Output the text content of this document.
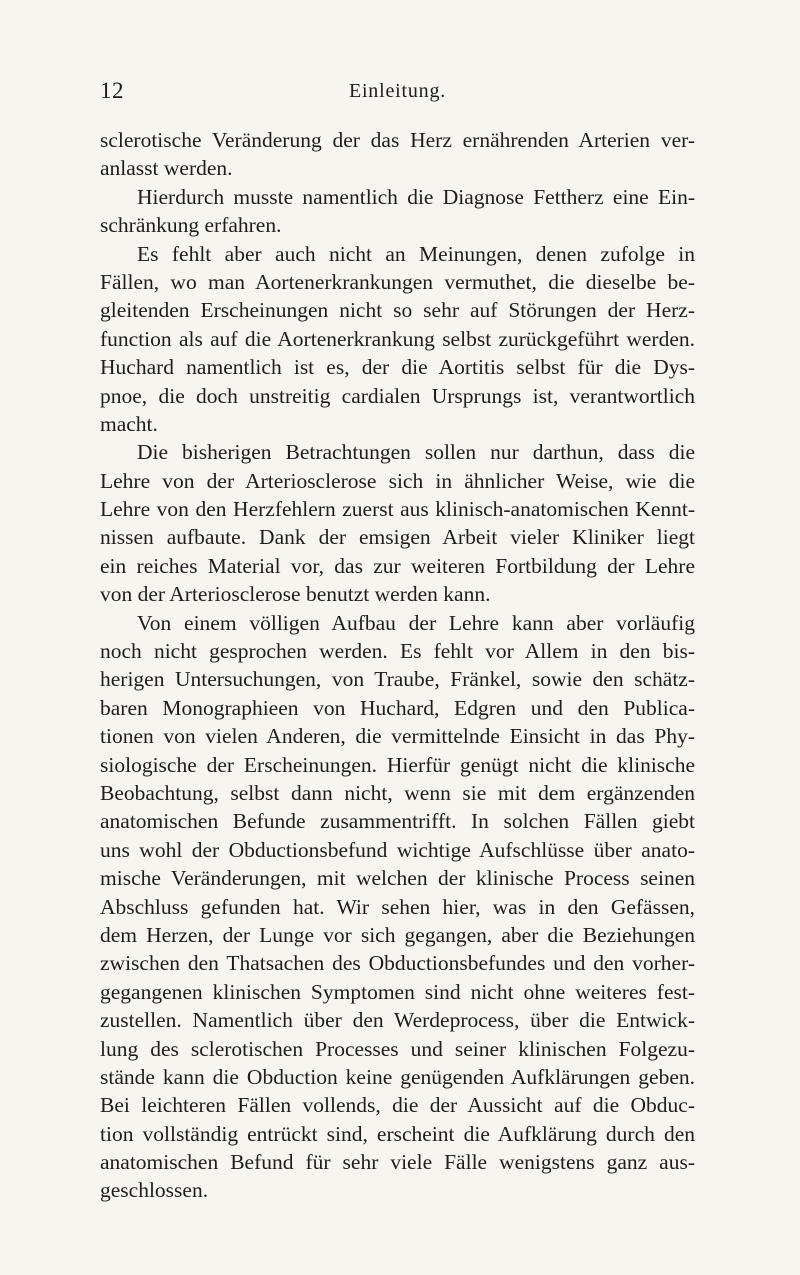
12	Einleitung.
sclerotische Veränderung der das Herz ernährenden Arterien ver-
anlasst werden.
Hierdurch musste namentlich die Diagnose Fettherz eine Ein-
schränkung erfahren.
Es fehlt aber auch nicht an Meinungen, denen zufolge in
Fällen, wo man Aortenerkrankungen vermuthet, die dieselbe be-
gleitenden Erscheinungen nicht so sehr auf Störungen der Herz-
function als auf die Aortenerkrankung selbst zurückgeführt werden.
Huchard namentlich ist es, der die Aortitis selbst für die Dys-
pnoe, die doch unstreitig cardialen Ursprungs ist, verantwortlich
macht.
Die bisherigen Betrachtungen sollen nur darthun, dass die
Lehre von der Arteriosclerose sich in ähnlicher Weise, wie die
Lehre von den Herzfehlern zuerst aus klinisch-anatomischen Kennt-
nissen aufbaute. Dank der emsigen Arbeit vieler Kliniker liegt
ein reiches Material vor, das zur weiteren Fortbildung der Lehre
von der Arteriosclerose benutzt werden kann.
Von einem völligen Aufbau der Lehre kann aber vorläufig
noch nicht gesprochen werden. Es fehlt vor Allem in den bis-
herigen Untersuchungen, von Traube, Fränkel, sowie den schätz-
baren Monographieen von Huchard, Edgren und den Publica-
tionen von vielen Anderen, die vermittelnde Einsicht in das Phy-
siologische der Erscheinungen. Hierfür genügt nicht die klinische
Beobachtung, selbst dann nicht, wenn sie mit dem ergänzenden
anatomischen Befunde zusammentrifft. In solchen Fällen giebt
uns wohl der Obductionsbefund wichtige Aufschlüsse über anato-
mische Veränderungen, mit welchen der klinische Process seinen
Abschluss gefunden hat. Wir sehen hier, was in den Gefässen,
dem Herzen, der Lunge vor sich gegangen, aber die Beziehungen
zwischen den Thatsachen des Obductionsbefundes und den vorher-
gegangenen klinischen Symptomen sind nicht ohne weiteres fest-
zustellen. Namentlich über den Werdeprocess, über die Entwick-
lung des sclerotischen Processes und seiner klinischen Folgezu-
stände kann die Obduction keine genügenden Aufklärungen geben.
Bei leichteren Fällen vollends, die der Aussicht auf die Obduc-
tion vollständig entrückt sind, erscheint die Aufklärung durch den
anatomischen Befund für sehr viele Fälle wenigstens ganz aus-
geschlossen.
